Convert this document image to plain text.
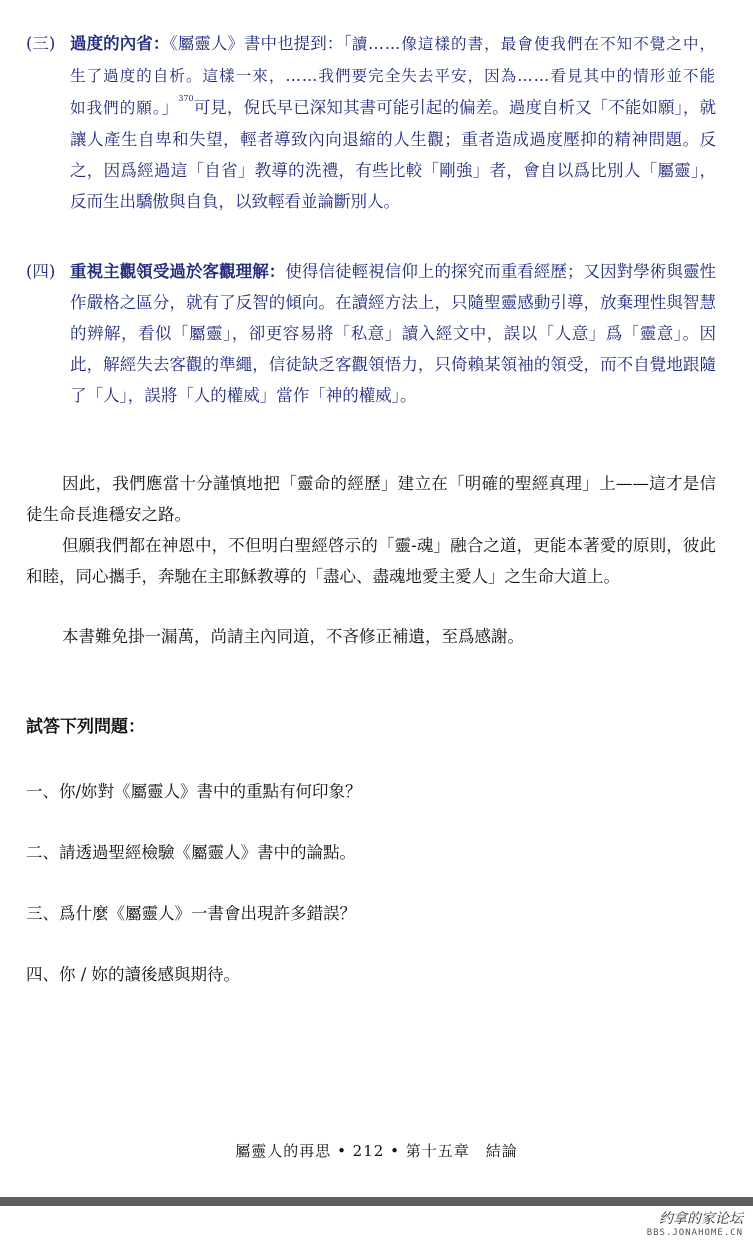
(三) 過度的內省：《屬靈人》書中也提到：「讀……像這樣的書，最會使我們在不知不覺之中，生了過度的自析。這樣一來，……我們要完全失去平安，因為……看見其中的情形並不能如我們的願。」$^{370}$可見，倪氏早已深知其書可能引起的偏差。過度自析又「不能如願」，就讓人產生自卑和失望，輕者導致內向退縮的人生觀；重者造成過度壓抑的精神問題。反之，因爲經過這「自省」教導的洗禮，有些比較「剛強」者，會自以爲比別人「屬靈」，反而生出驕傲與自負，以致輕看並論斷別人。
(四) 重視主觀領受過於客觀理解：使得信徒輕視信仰上的探究而重看經歷；又因對學術與靈性作嚴格之區分，就有了反智的傾向。在讀經方法上，只隨聖靈感動引導，放棄理性與智慧的辨解，看似「屬靈」，卻更容易將「私意」讀入經文中，誤以「人意」爲「靈意」。因此，解經失去客觀的準繩，信徒缺乏客觀領悟力，只倚賴某領袖的領受，而不自覺地跟隨了「人」，誤將「人的權威」當作「神的權威」。
因此，我們應當十分謹慎地把「靈命的經歷」建立在「明確的聖經真理」上——這才是信徒生命長進穩安之路。
但願我們都在神恩中，不但明白聖經啓示的「靈-魂」融合之道，更能本著愛的原則，彼此和睦，同心攜手，奔馳在主耶穌教導的「盡心、盡魂地愛主愛人」之生命大道上。
本書難免掛一漏萬，尚請主內同道，不吝修正補遺，至爲感謝。
試答下列問題：
一、你/妳對《屬靈人》書中的重點有何印象？
二、請透過聖經檢驗《屬靈人》書中的論點。
三、爲什麼《屬靈人》一書會出現許多錯誤？
四、你 / 妳的讀後感與期待。
屬靈人的再思 • 212 • 第十五章　結論
约拿的家论坛
BBS.JONAHOME.CN
